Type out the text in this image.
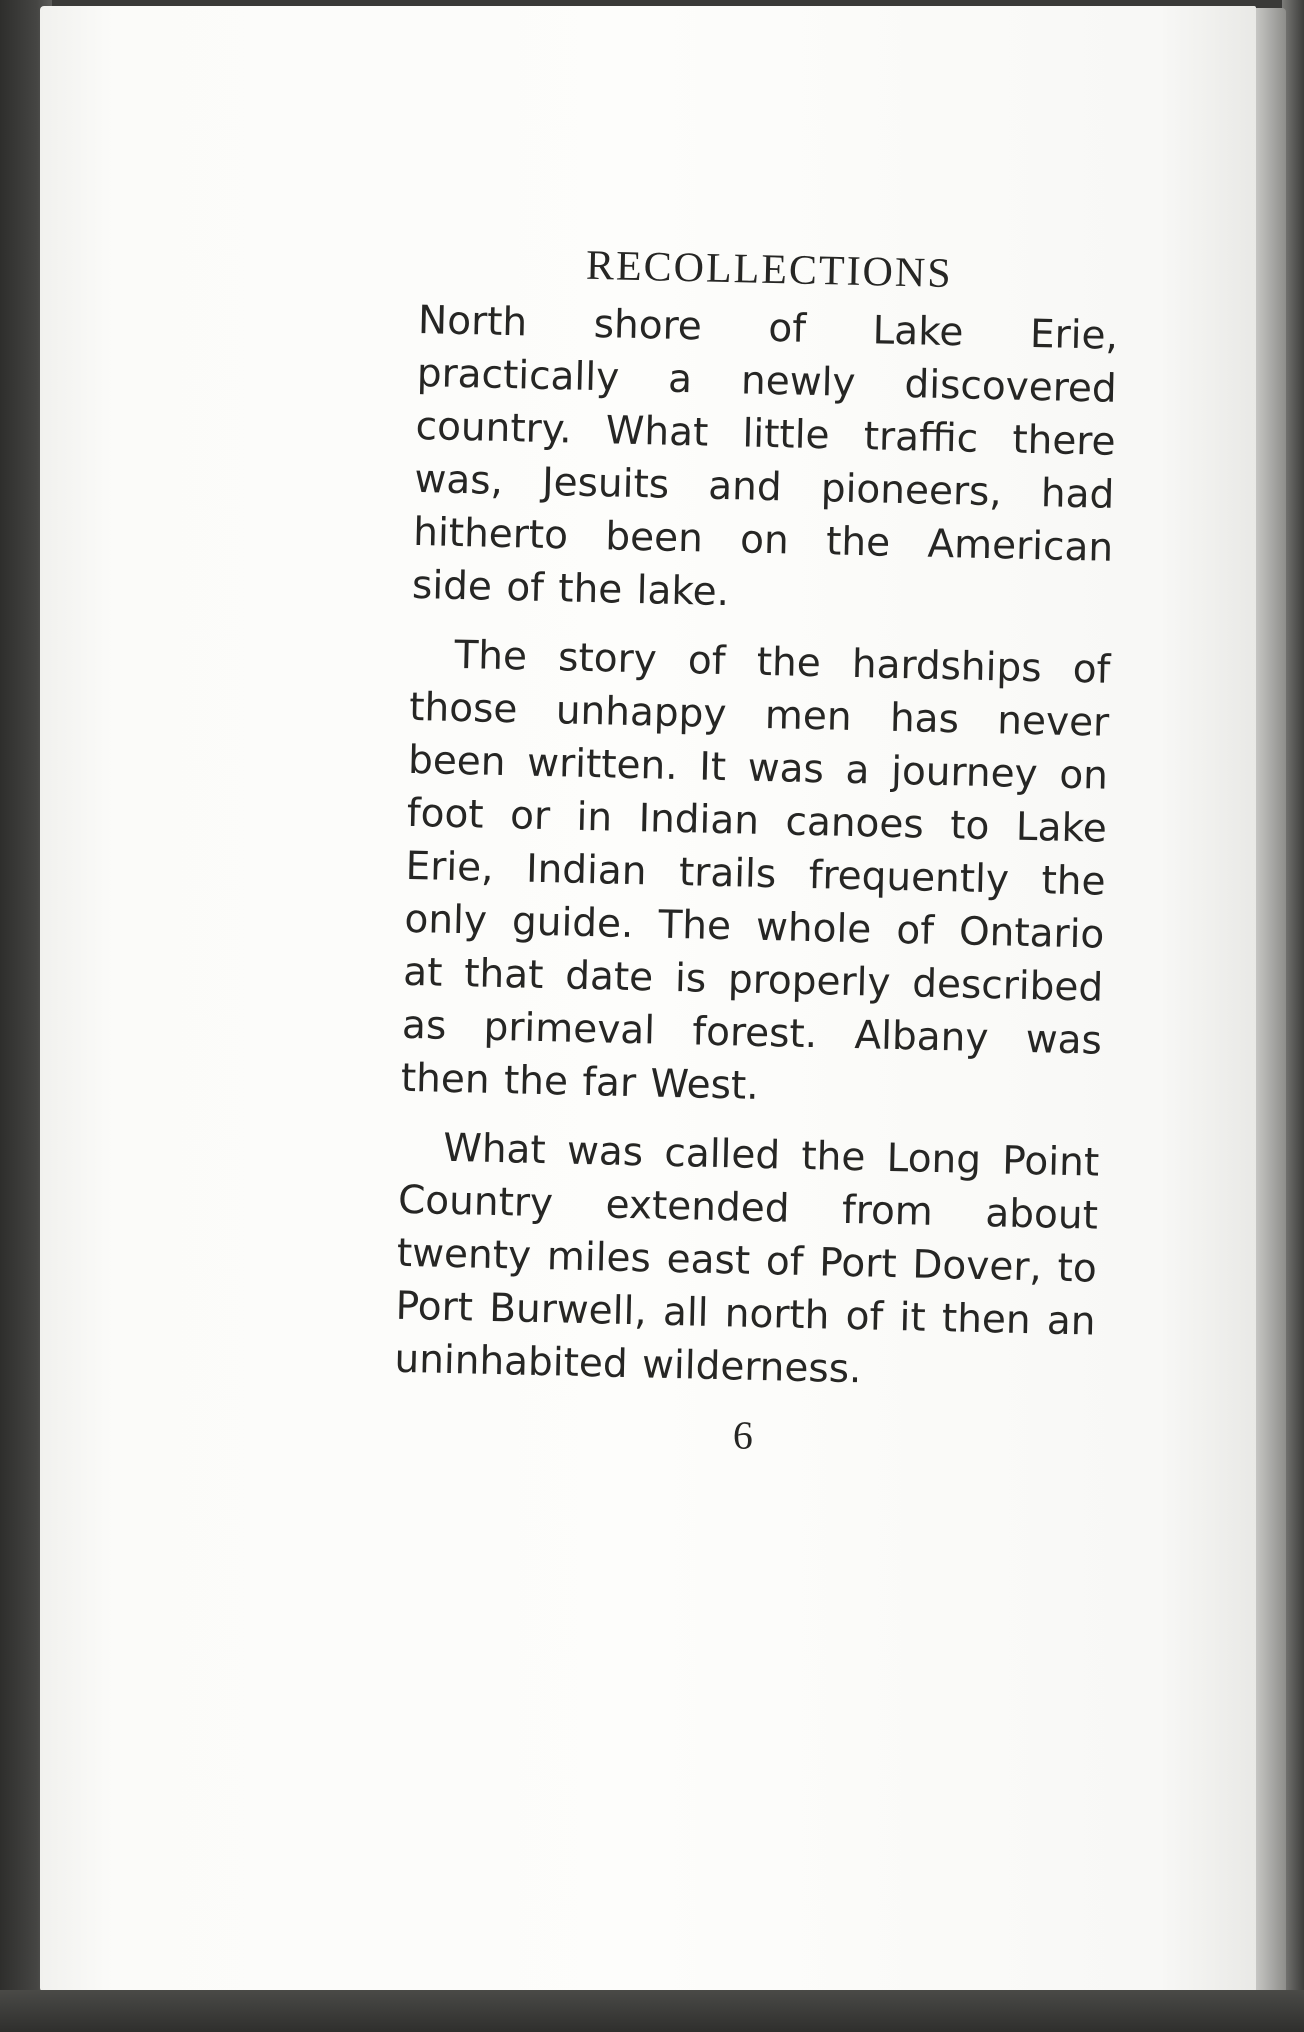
RECOLLECTIONS

North shore of Lake Erie, practically a newly discovered country. What little traffic there was, Jesuits and pioneers, had hitherto been on the American side of the lake.

The story of the hardships of those unhappy men has never been written. It was a journey on foot or in Indian canoes to Lake Erie, Indian trails frequently the only guide. The whole of Ontario at that date is properly described as primeval forest. Albany was then the far West.

What was called the Long Point Country extended from about twenty miles east of Port Dover, to Port Burwell, all north of it then an uninhabited wilderness.

6
